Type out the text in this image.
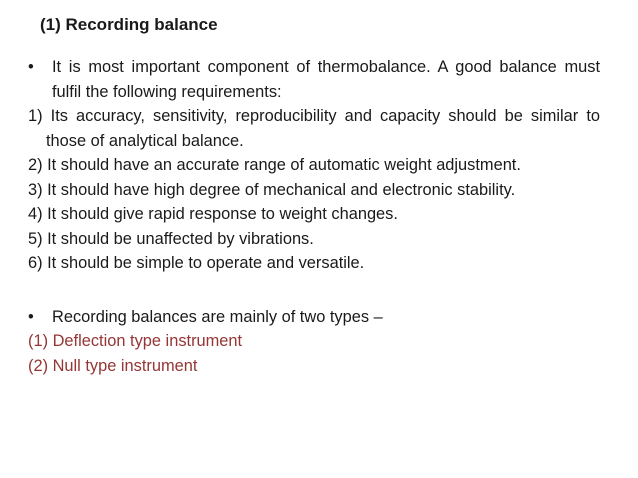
(1) Recording balance

• It is most important component of thermobalance. A good balance must fulfil the following requirements:

1) Its accuracy, sensitivity, reproducibility and capacity should be similar to those of analytical balance.

2) It should have an accurate range of automatic weight adjustment.

3) It should have high degree of mechanical and electronic stability.

4) It should give rapid response to weight changes.

5) It should be unaffected by vibrations.

6) It should be simple to operate and versatile.

• Recording balances are mainly of two types –

(1) Deflection type instrument

(2) Null type instrument
